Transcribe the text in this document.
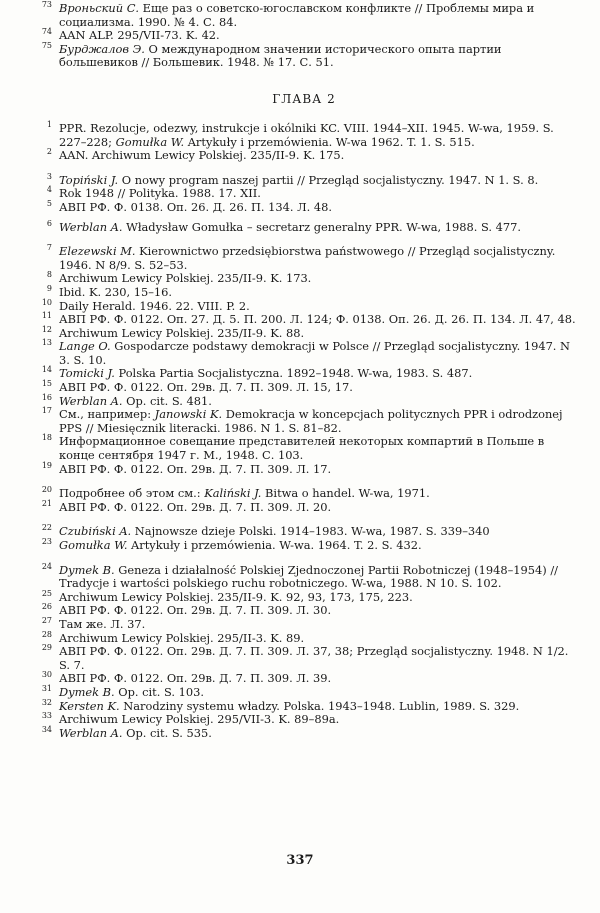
73 Вроньский С. Еще раз о советско-югославском конфликте // Проблемы мира и социализма. 1990. № 4. С. 84.

74 AAN ALP. 295/VII-73. K. 42.

75 Бурджалов Э. О международном значении исторического опыта партии большевиков // Большевик. 1948. № 17. С. 51.

ГЛАВА 2

1 PPR. Rezolucje, odezwy, instrukcje i okólniki KC. VIII. 1944–XII. 1945. W-wa, 1959. S. 227–228; Gomułka W. Artykuły i przemówienia. W-wa 1962. T. 1. S. 515.

2 AAN. Archiwum Lewicy Polskiej. 235/II-9. K. 175.

3 Topiński J. O nowy program naszej partii // Przegląd socjalistyczny. 1947. N 1. S. 8.

4 Rok 1948 // Polityka. 1988. 17. XII.

5 АВП РФ. Ф. 0138. Оп. 26. Д. 26. П. 134. Л. 48.

6 Werblan A. Władysław Gomułka – secretarz generalny PPR. W-wa, 1988. S. 477.

7 Elezewski M. Kierownictwo przedsiębiorstwa państwowego // Przegląd socjalistyczny. 1946. N 8/9. S. 52–53.

8 Archiwum Lewicy Polskiej. 235/II-9. K. 173.

9 Ibid. K. 230, 15–16.

10 Daily Herald. 1946. 22. VIII. P. 2.

11 АВП РФ. Ф. 0122. Оп. 27. Д. 5. П. 200. Л. 124; Ф. 0138. Оп. 26. Д. 26. П. 134. Л. 47, 48.

12 Archiwum Lewicy Polskiej. 235/II-9. K. 88.

13 Lange O. Gospodarcze podstawy demokracji w Polsce // Przegląd socjalistyczny. 1947. N 3. S. 10.

14 Tomicki J. Polska Partia Socjalistyczna. 1892–1948. W-wa, 1983. S. 487.

15 АВП РФ. Ф. 0122. Оп. 29в. Д. 7. П. 309. Л. 15, 17.

16 Werblan A. Op. cit. S. 481.

17 См., например: Janowski K. Demokracja w koncepcjach politycznych PPR i odrodzonej PPS // Miesięcznik literacki. 1986. N 1. S. 81–82.

18 Информационное совещание представителей некоторых компартий в Польше в конце сентября 1947 г. М., 1948. С. 103.

19 АВП РФ. Ф. 0122. Оп. 29в. Д. 7. П. 309. Л. 17.

20 Подробнее об этом см.: Kaliński J. Bitwa o handel. W-wa, 1971.

21 АВП РФ. Ф. 0122. Оп. 29в. Д. 7. П. 309. Л. 20.

22 Czubiński A. Najnowsze dzieje Polski. 1914–1983. W-wa, 1987. S. 339–340

23 Gomułka W. Artykuły i przemówienia. W-wa. 1964. T. 2. S. 432.

24 Dymek B. Geneza i działalność Polskiej Zjednoczonej Partii Robotniczej (1948–1954) // Tradycje i wartości polskiego ruchu robotniczego. W-wa, 1988. N 10. S. 102.

25 Archiwum Lewicy Polskiej. 235/II-9. K. 92, 93, 173, 175, 223.

26 АВП РФ. Ф. 0122. Оп. 29в. Д. 7. П. 309. Л. 30.

27 Там же. Л. 37.

28 Archiwum Lewicy Polskiej. 295/II-3. K. 89.

29 АВП РФ. Ф. 0122. Оп. 29в. Д. 7. П. 309. Л. 37, 38; Przegląd socjalistyczny. 1948. N 1/2. S. 7.

30 АВП РФ. Ф. 0122. Оп. 29в. Д. 7. П. 309. Л. 39.

31 Dymek B. Op. cit. S. 103.

32 Kersten K. Narodziny systemu władzy. Polska. 1943–1948. Lublin, 1989. S. 329.

33 Archiwum Lewicy Polskiej. 295/VII-3. K. 89–89a.

34 Werblan A. Op. cit. S. 535.

337
